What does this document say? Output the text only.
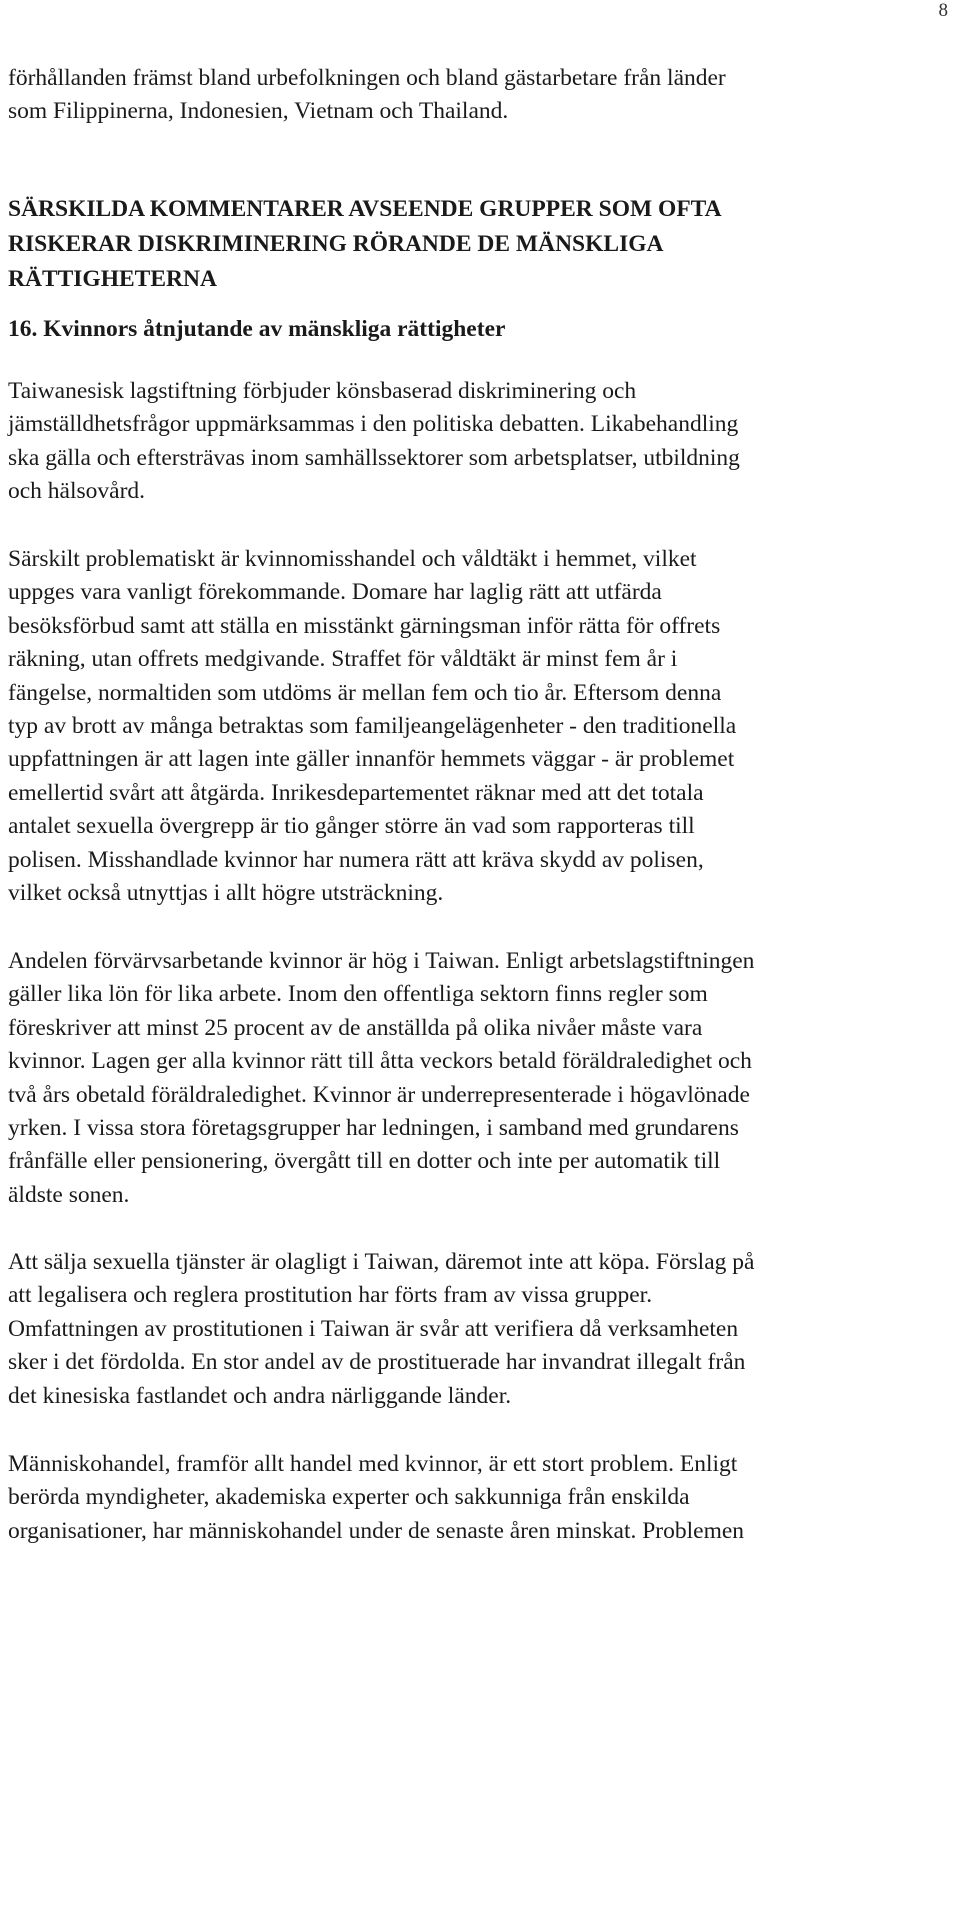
8
förhållanden främst bland urbefolkningen och bland gästarbetare från länder
som Filippinerna, Indonesien, Vietnam och Thailand.
SÄRSKILDA KOMMENTARER AVSEENDE GRUPPER SOM OFTA
RISKERAR DISKRIMINERING RÖRANDE DE MÄNSKLIGA
RÄTTIGHETERNA
16. Kvinnors åtnjutande av mänskliga rättigheter
Taiwanesisk lagstiftning förbjuder könsbaserad diskriminering och
jämställdhetsfrågor uppmärksammas i den politiska debatten. Likabehandling
ska gälla och eftersträvas inom samhällssektorer som arbetsplatser, utbildning
och hälsovård.
Särskilt problematiskt är kvinnomisshandel och våldtäkt i hemmet, vilket
uppges vara vanligt förekommande. Domare har laglig rätt att utfärda
besöksförbud samt att ställa en misstänkt gärningsman inför rätta för offrets
räkning, utan offrets medgivande. Straffet för våldtäkt är minst fem år i
fängelse, normaltiden som utdöms är mellan fem och tio år. Eftersom denna
typ av brott av många betraktas som familjeangelägenheter - den traditionella
uppfattningen är att lagen inte gäller innanför hemmets väggar - är problemet
emellertid svårt att åtgärda. Inrikesdepartementet räknar med att det totala
antalet sexuella övergrepp är tio gånger större än vad som rapporteras till
polisen. Misshandlade kvinnor har numera rätt att kräva skydd av polisen,
vilket också utnyttjas i allt högre utsträckning.
Andelen förvärvsarbetande kvinnor är hög i Taiwan. Enligt arbetslagstiftningen
gäller lika lön för lika arbete. Inom den offentliga sektorn finns regler som
föreskriver att minst 25 procent av de anställda på olika nivåer måste vara
kvinnor. Lagen ger alla kvinnor rätt till åtta veckors betald föräldraledighet och
två års obetald föräldraledighet. Kvinnor är underrepresenterade i högavlönade
yrken. I vissa stora företagsgrupper har ledningen, i samband med grundarens
frånfälle eller pensionering, övergått till en dotter och inte per automatik till
äldste sonen.
Att sälja sexuella tjänster är olagligt i Taiwan, däremot inte att köpa. Förslag på
att legalisera och reglera prostitution har förts fram av vissa grupper.
Omfattningen av prostitutionen i Taiwan är svår att verifiera då verksamheten
sker i det fördolda. En stor andel av de prostituerade har invandrat illegalt från
det kinesiska fastlandet och andra närliggande länder.
Människohandel, framför allt handel med kvinnor, är ett stort problem. Enligt
berörda myndigheter, akademiska experter och sakkunniga från enskilda
organisationer, har människohandel under de senaste åren minskat. Problemen
